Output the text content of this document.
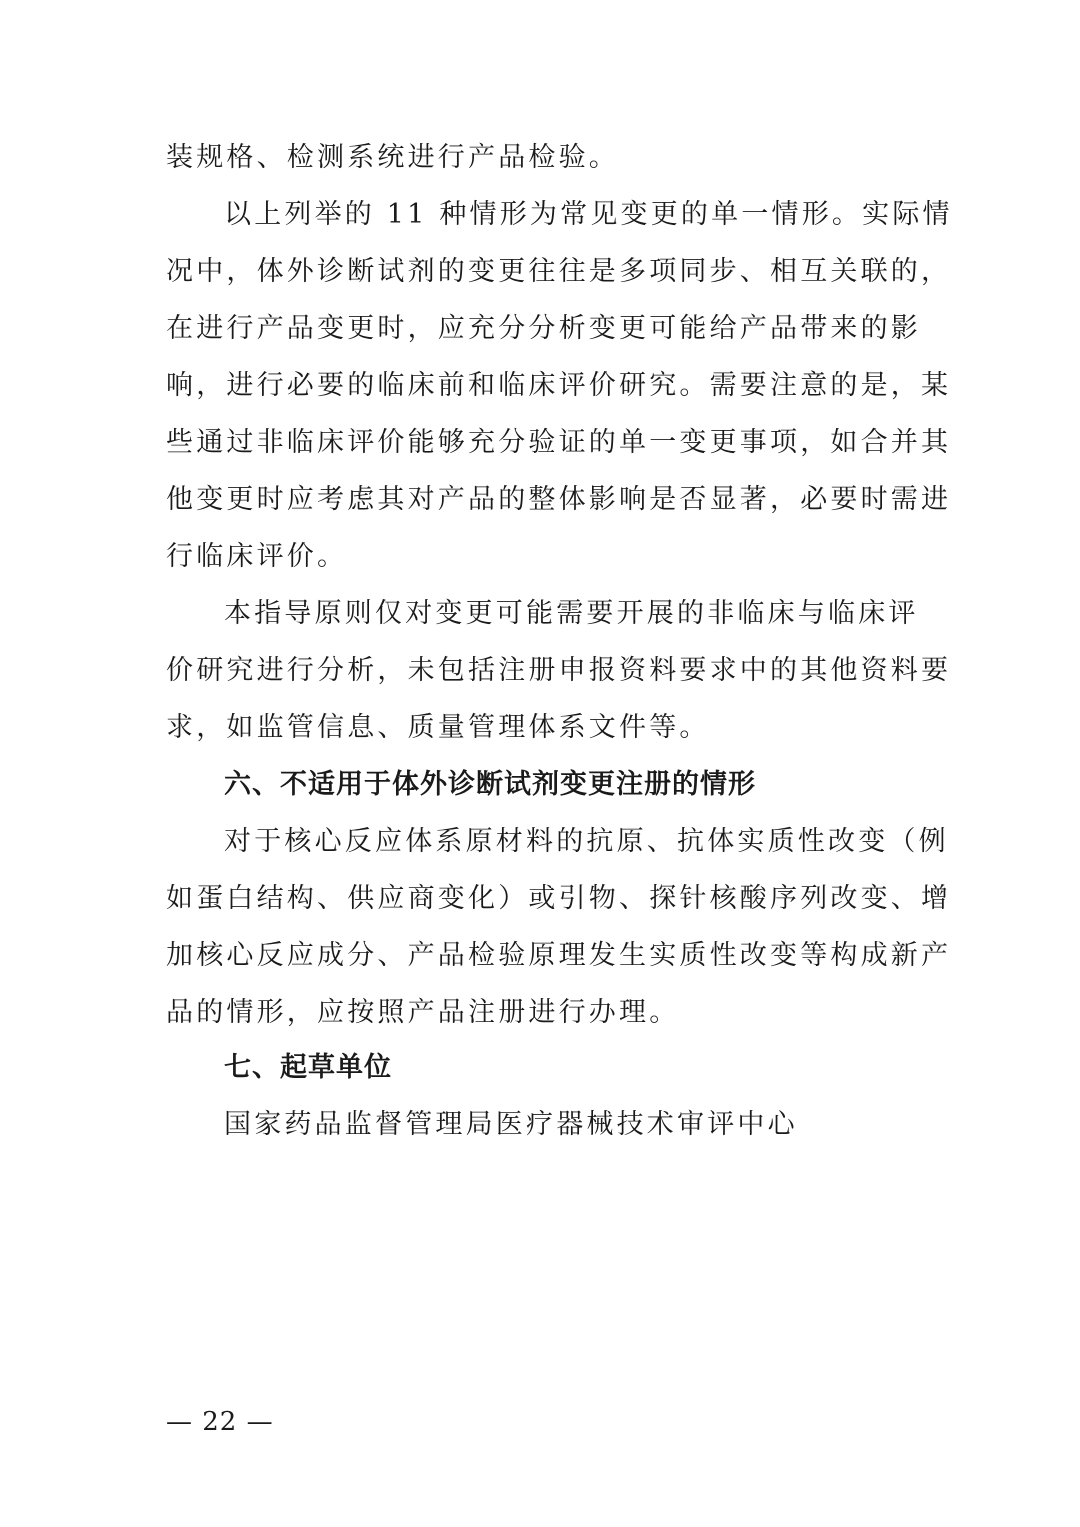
装规格、检测系统进行产品检验。
以上列举的 11 种情形为常见变更的单一情形。实际情
况中，体外诊断试剂的变更往往是多项同步、相互关联的，
在进行产品变更时，应充分分析变更可能给产品带来的影
响，进行必要的临床前和临床评价研究。需要注意的是，某
些通过非临床评价能够充分验证的单一变更事项，如合并其
他变更时应考虑其对产品的整体影响是否显著，必要时需进
行临床评价。
本指导原则仅对变更可能需要开展的非临床与临床评
价研究进行分析，未包括注册申报资料要求中的其他资料要
求，如监管信息、质量管理体系文件等。
六、不适用于体外诊断试剂变更注册的情形
对于核心反应体系原材料的抗原、抗体实质性改变（例
如蛋白结构、供应商变化）或引物、探针核酸序列改变、增
加核心反应成分、产品检验原理发生实质性改变等构成新产
品的情形，应按照产品注册进行办理。
七、起草单位
国家药品监督管理局医疗器械技术审评中心
— 22 —
